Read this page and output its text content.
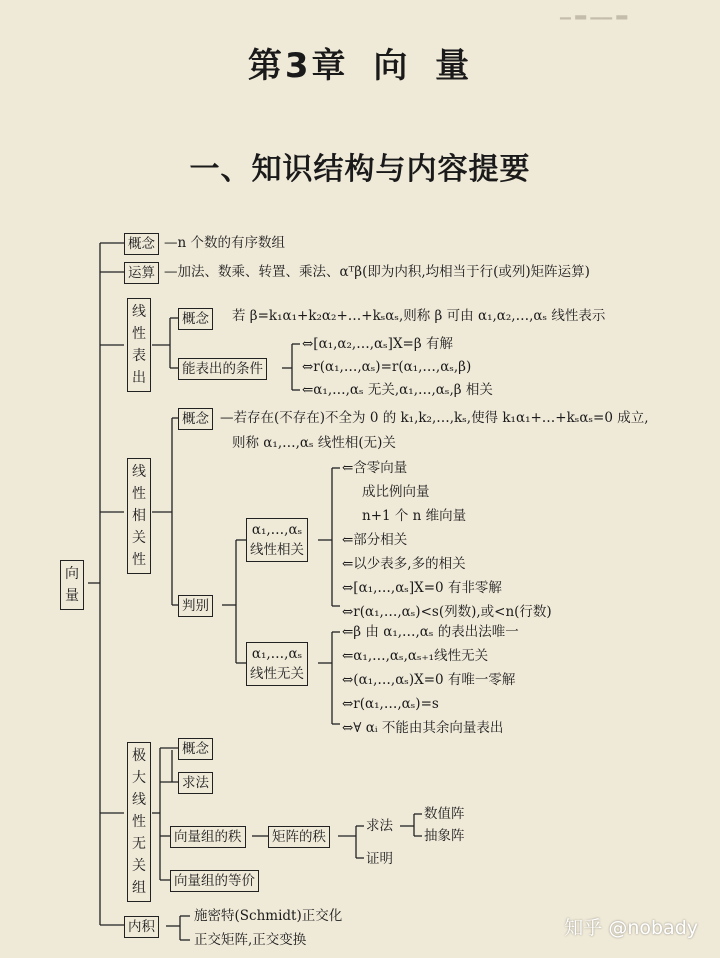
▁ ▂ ▁▁ ▂
第3章 向 量
一、知识结构与内容提要
向量
概念 —n 个数的有序数组
运算 —加法、数乘、转置、乘法、αᵀβ(即为内积,均相当于行(或列)矩阵运算)
线性表出
概念 若 β=k₁α₁+k₂α₂+…+kₛαₛ,则称 β 可由 α₁,α₂,…,αₛ 线性表示
能表出的条件
⇔[α₁,α₂,…,αₛ]X=β 有解
⇔r(α₁,…,αₛ)=r(α₁,…,αₛ,β)
⇐α₁,…,αₛ 无关,α₁,…,αₛ,β 相关
线性相关性
概念 —若存在(不存在)不全为 0 的 k₁,k₂,…,kₛ,使得 k₁α₁+…+kₛαₛ=0 成立,
则称 α₁,…,αₛ 线性相(无)关
判别
α₁,…,αₛ
线性相关
⇐含零向量
成比例向量
n+1 个 n 维向量
⇐部分相关
⇐以少表多,多的相关
⇔[α₁,…,αₛ]X=0 有非零解
⇔r(α₁,…,αₛ)<s(列数),或<n(行数)
α₁,…,αₛ
线性无关
⇐β 由 α₁,…,αₛ 的表出法唯一
⇐α₁,…,αₛ,αₛ₊₁线性无关
⇔(α₁,…,αₛ)X=0 有唯一零解
⇔r(α₁,…,αₛ)=s
⇔∀ αᵢ 不能由其余向量表出
极大线性无关组
概念
求法
向量组的秩 矩阵的秩
求法
数值阵
抽象阵
证明
向量组的等价
内积
施密特(Schmidt)正交化
正交矩阵,正交变换
知乎 @nobady
